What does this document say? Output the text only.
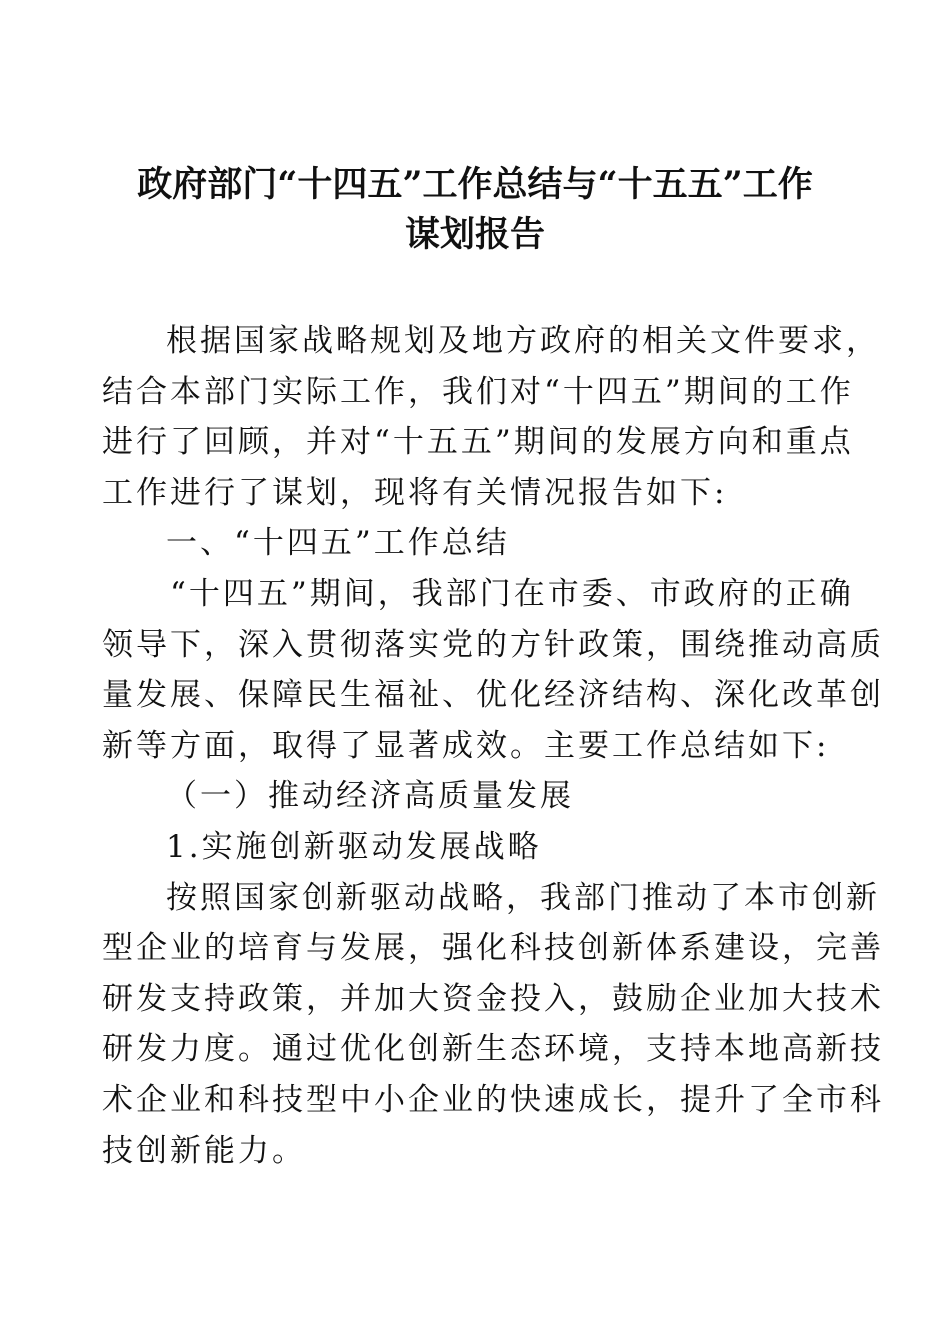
政府部门“十四五”工作总结与“十五五”工作
谋划报告
根据国家战略规划及地方政府的相关文件要求，
结合本部门实际工作，我们对“十四五”期间的工作
进行了回顾，并对“十五五”期间的发展方向和重点
工作进行了谋划，现将有关情况报告如下:
一、“十四五”工作总结
“十四五”期间，我部门在市委、市政府的正确
领导下，深入贯彻落实党的方针政策，围绕推动高质
量发展、保障民生福祉、优化经济结构、深化改革创
新等方面，取得了显著成效。主要工作总结如下:
（一）推动经济高质量发展
1.实施创新驱动发展战略
按照国家创新驱动战略，我部门推动了本市创新
型企业的培育与发展，强化科技创新体系建设，完善
研发支持政策，并加大资金投入，鼓励企业加大技术
研发力度。通过优化创新生态环境，支持本地高新技
术企业和科技型中小企业的快速成长，提升了全市科
技创新能力。
